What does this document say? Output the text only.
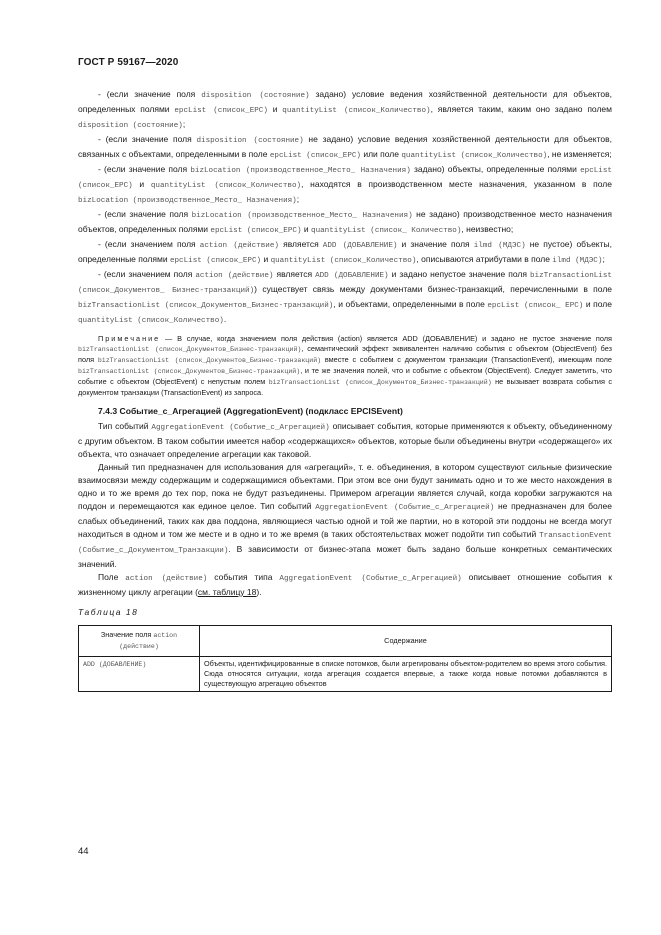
ГОСТ Р 59167—2020

- (если значение поля disposition (состояние) задано) условие ведения хозяйственной деятельности для объектов, определенных полями epcList (список_EPC) и quantityList (список_Количество), является таким, каким оно задано полем disposition (состояние);

- (если значение поля disposition (состояние) не задано) условие ведения хозяйственной деятельности для объектов, связанных с объектами, определенными в поле epcList (список_EPC) или поле quantityList (список_Количество), не изменяется;

- (если значение поля bizLocation (производственное_Место_ Назначения) задано) объекты, определенные полями epcList (список_EPC) и quantityList (список_Количество), находятся в производственном месте назначения, указанном в поле bizLocation (производственное_Место_ Назначения);

- (если значение поля bizLocation (производственное_Место_ Назначения) не задано) производственное место назначения объектов, определенных полями epcList (список_EPC) и quantityList (список_ Количество), неизвестно;

- (если значением поля action (действие) является ADD (ДОБАВЛЕНИЕ) и значение поля ilmd (МДЭС) не пустое) объекты, определенные полями epcList (список_EPC) и quantityList (список_Количество), описываются атрибутами в поле ilmd (МДЭС);

- (если значением поля action (действие) является ADD (ДОБАВЛЕНИЕ) и задано непустое значение поля bizTransactionList (список_Документов_ Бизнес-транзакций)) существует связь между документами бизнес-транзакций, перечисленными в поле bizTransactionList (список_Документов_Бизнес-транзакций), и объектами, определенными в поле epcList (список_ EPC) и поле quantityList (список_Количество).

Примечание — В случае, когда значением поля действия (action) является ADD (ДОБАВЛЕНИЕ) и задано не пустое значение поля bizTransactionList (список_Документов_Бизнес-транзакций), семантический эффект эквивалентен наличию события с объектом (ObjectEvent) без поля bizTransactionList (список_Документов_Бизнес-транзакций) вместе с событием с документом транзакции (TransactionEvent), имеющим поле bizTransactionList (список_Документов_Бизнес-транзакций), и те же значения полей, что и событие с объектом (ObjectEvent). Следует заметить, что событие с объектом (ObjectEvent) с непустым полем bizTransactionList (список_Документов_Бизнес-транзакций) не вызывает возврата события с документом транзакции (TransactionEvent) из запроса.

7.4.3 Событие_с_Агрегацией (AggregationEvent) (подкласс EPCISEvent)

Тип событий AggregationEvent (Событие_с_Агрегацией) описывает события, которые применяются к объекту, объединенному с другим объектом. В таком событии имеется набор «содержащихся» объектов, которые были объединены внутри «содержащего» их объекта, что означает определение агрегации как таковой.

Данный тип предназначен для использования для «агрегаций», т. е. объединения, в котором существуют сильные физические взаимосвязи между содержащим и содержащимися объектами. При этом все они будут занимать одно и то же место нахождения в одно и то же время до тех пор, пока не будут разъединены. Примером агрегации является случай, когда коробки загружаются на поддон и перемещаются как единое целое. Тип событий AggregationEvent (Событие_с_Агрегацией) не предназначен для более слабых объединений, таких как два поддона, являющиеся частью одной и той же партии, но в которой эти поддоны не всегда могут находиться в одном и том же месте и в одно и то же время (в таких обстоятельствах может подойти тип событий TransactionEvent (Событие_с_Документом_Транзакции). В зависимости от бизнес-этапа может быть задано больше конкретных семантических значений.

Поле action (действие) события типа AggregationEvent (Событие_с_Агрегацией) описывает отношение события к жизненному циклу агрегации (см. таблицу 18).

Таблица 18
Значение поля action (действие)	Содержание
ADD (ДОБАВЛЕНИЕ)	Объекты, идентифицированные в списке потомков, были агрегированы объектом-родителем во время этого события. Сюда относятся ситуации, когда агрегация создается впервые, а также когда новые потомки добавляются в существующую агрегацию объектов
44
